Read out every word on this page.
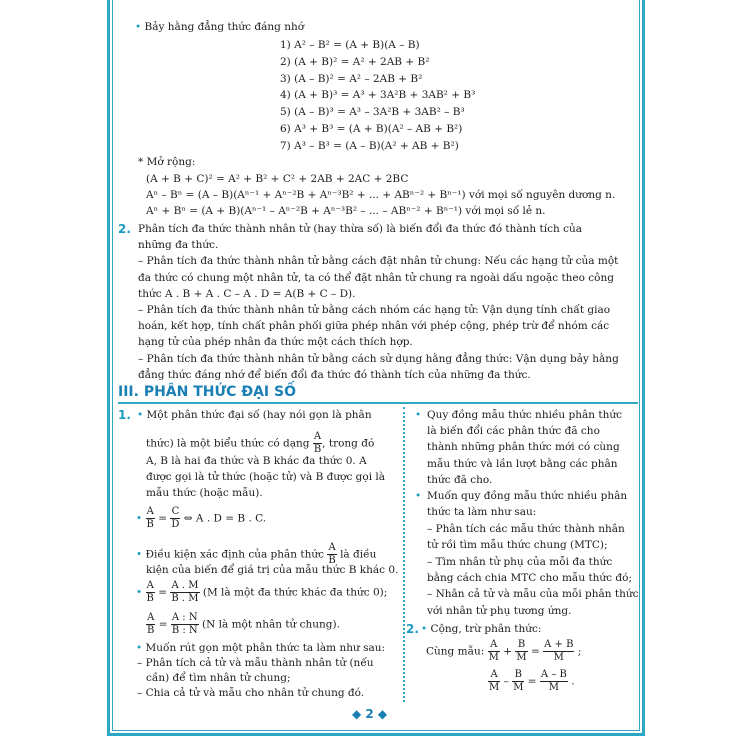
• Bảy hằng đẳng thức đáng nhớ
1) A² – B² = (A + B)(A – B)
2) (A + B)² = A² + 2AB + B²
3) (A – B)² = A² – 2AB + B²
4) (A + B)³ = A³ + 3A²B + 3AB² + B³
5) (A – B)³ = A³ – 3A²B + 3AB² – B³
6) A³ + B³ = (A + B)(A² – AB + B²)
7) A³ – B³ = (A – B)(A² + AB + B²)
* Mở rộng:
(A + B + C)² = A² + B² + C² + 2AB + 2AC + 2BC
Aⁿ – Bⁿ = (A – B)(Aⁿ⁻¹ + Aⁿ⁻²B + Aⁿ⁻³B² + ... + ABⁿ⁻² + Bⁿ⁻¹) với mọi số nguyên dương n.
Aⁿ + Bⁿ = (A + B)(Aⁿ⁻¹ – Aⁿ⁻²B + Aⁿ⁻³B² – ... – ABⁿ⁻² + Bⁿ⁻¹) với mọi số lẻ n.
2. Phân tích đa thức thành nhân tử (hay thừa số) là biến đổi đa thức đó thành tích của
những đa thức.
– Phân tích đa thức thành nhân tử bằng cách đặt nhân tử chung: Nếu các hạng tử của một
đa thức có chung một nhân tử, ta có thể đặt nhân tử chung ra ngoài dấu ngoặc theo công
thức A . B + A . C – A . D = A(B + C – D).
– Phân tích đa thức thành nhân tử bằng cách nhóm các hạng tử: Vận dụng tính chất giao
hoán, kết hợp, tính chất phân phối giữa phép nhân với phép cộng, phép trừ để nhóm các
hạng tử của phép nhân đa thức một cách thích hợp.
– Phân tích đa thức thành nhân tử bằng cách sử dụng hằng đẳng thức: Vận dụng bảy hằng
đẳng thức đáng nhớ để biến đổi đa thức đó thành tích của những đa thức.
III. PHÂN THỨC ĐẠI SỐ
1. • Một phân thức đại số (hay nói gọn là phân
thức) là một biểu thức có dạng $\frac{A}{B}$ , trong đó
A, B là hai đa thức và B khác đa thức 0. A
được gọi là tử thức (hoặc tử) và B được gọi là
mẫu thức (hoặc mẫu).
• $\frac{A}{B} = \frac{C}{D}$ ⇔ A . D = B . C.
• Điều kiện xác định của phân thức $\frac{A}{B}$ là điều
kiện của biến để giá trị của mẫu thức B khác 0.
• $\frac{A}{B} = \frac{A . M}{B . M} (M$ là một đa thức khác đa thức 0);
$\frac{A}{B} = \frac{A : N}{B : N} (N$ là một nhân tử chung).
• Muốn rút gọn một phân thức ta làm như sau:
– Phân tích cả tử và mẫu thành nhân tử (nếu
cần) để tìm nhân tử chung;
– Chia cả tử và mẫu cho nhân tử chung đó.
• Quy đồng mẫu thức nhiều phân thức
là biến đổi các phân thức đã cho
thành những phân thức mới có cùng
mẫu thức và lần lượt bằng các phân
thức đã cho.
• Muốn quy đồng mẫu thức nhiều phân
thức ta làm như sau:
– Phân tích các mẫu thức thành nhân
tử rồi tìm mẫu thức chung (MTC);
– Tìm nhân tử phụ của mỗi đa thức
bằng cách chia MTC cho mẫu thức đó;
– Nhân cả tử và mẫu của mỗi phân thức
với nhân tử phụ tương ứng.
2. • Cộng, trừ phân thức:
Cùng mẫu: $\frac{A}{M} + \frac{B}{M} = \frac{A + B}{M}$ ;
$\frac{A}{M} - \frac{B}{M} = \frac{A - B}{M}$ .
◆ 2 ◆
